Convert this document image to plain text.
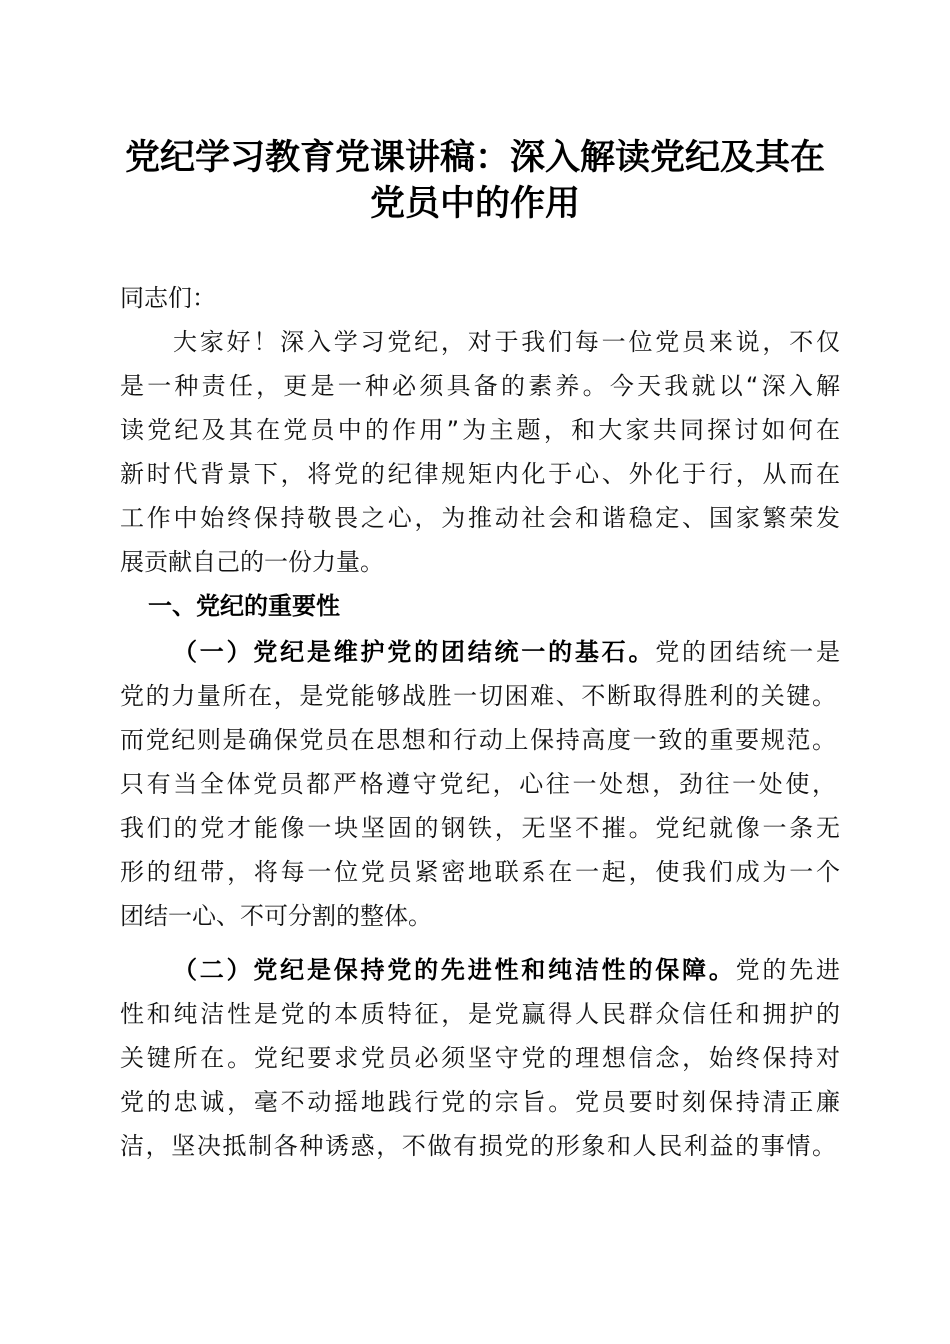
党纪学习教育党课讲稿：深入解读党纪及其在
党员中的作用
同志们：
大家好！深入学习党纪，对于我们每一位党员来说，不仅
是一种责任，更是一种必须具备的素养。今天我就以“深入解
读党纪及其在党员中的作用”为主题，和大家共同探讨如何在
新时代背景下，将党的纪律规矩内化于心、外化于行，从而在
工作中始终保持敬畏之心，为推动社会和谐稳定、国家繁荣发
展贡献自己的一份力量。
一、党纪的重要性
（一）党纪是维护党的团结统一的基石。党的团结统一是
党的力量所在，是党能够战胜一切困难、不断取得胜利的关键。
而党纪则是确保党员在思想和行动上保持高度一致的重要规范。
只有当全体党员都严格遵守党纪，心往一处想，劲往一处使，
我们的党才能像一块坚固的钢铁，无坚不摧。党纪就像一条无
形的纽带，将每一位党员紧密地联系在一起，使我们成为一个
团结一心、不可分割的整体。
（二）党纪是保持党的先进性和纯洁性的保障。党的先进
性和纯洁性是党的本质特征，是党赢得人民群众信任和拥护的
关键所在。党纪要求党员必须坚守党的理想信念，始终保持对
党的忠诚，毫不动摇地践行党的宗旨。党员要时刻保持清正廉
洁，坚决抵制各种诱惑，不做有损党的形象和人民利益的事情。
